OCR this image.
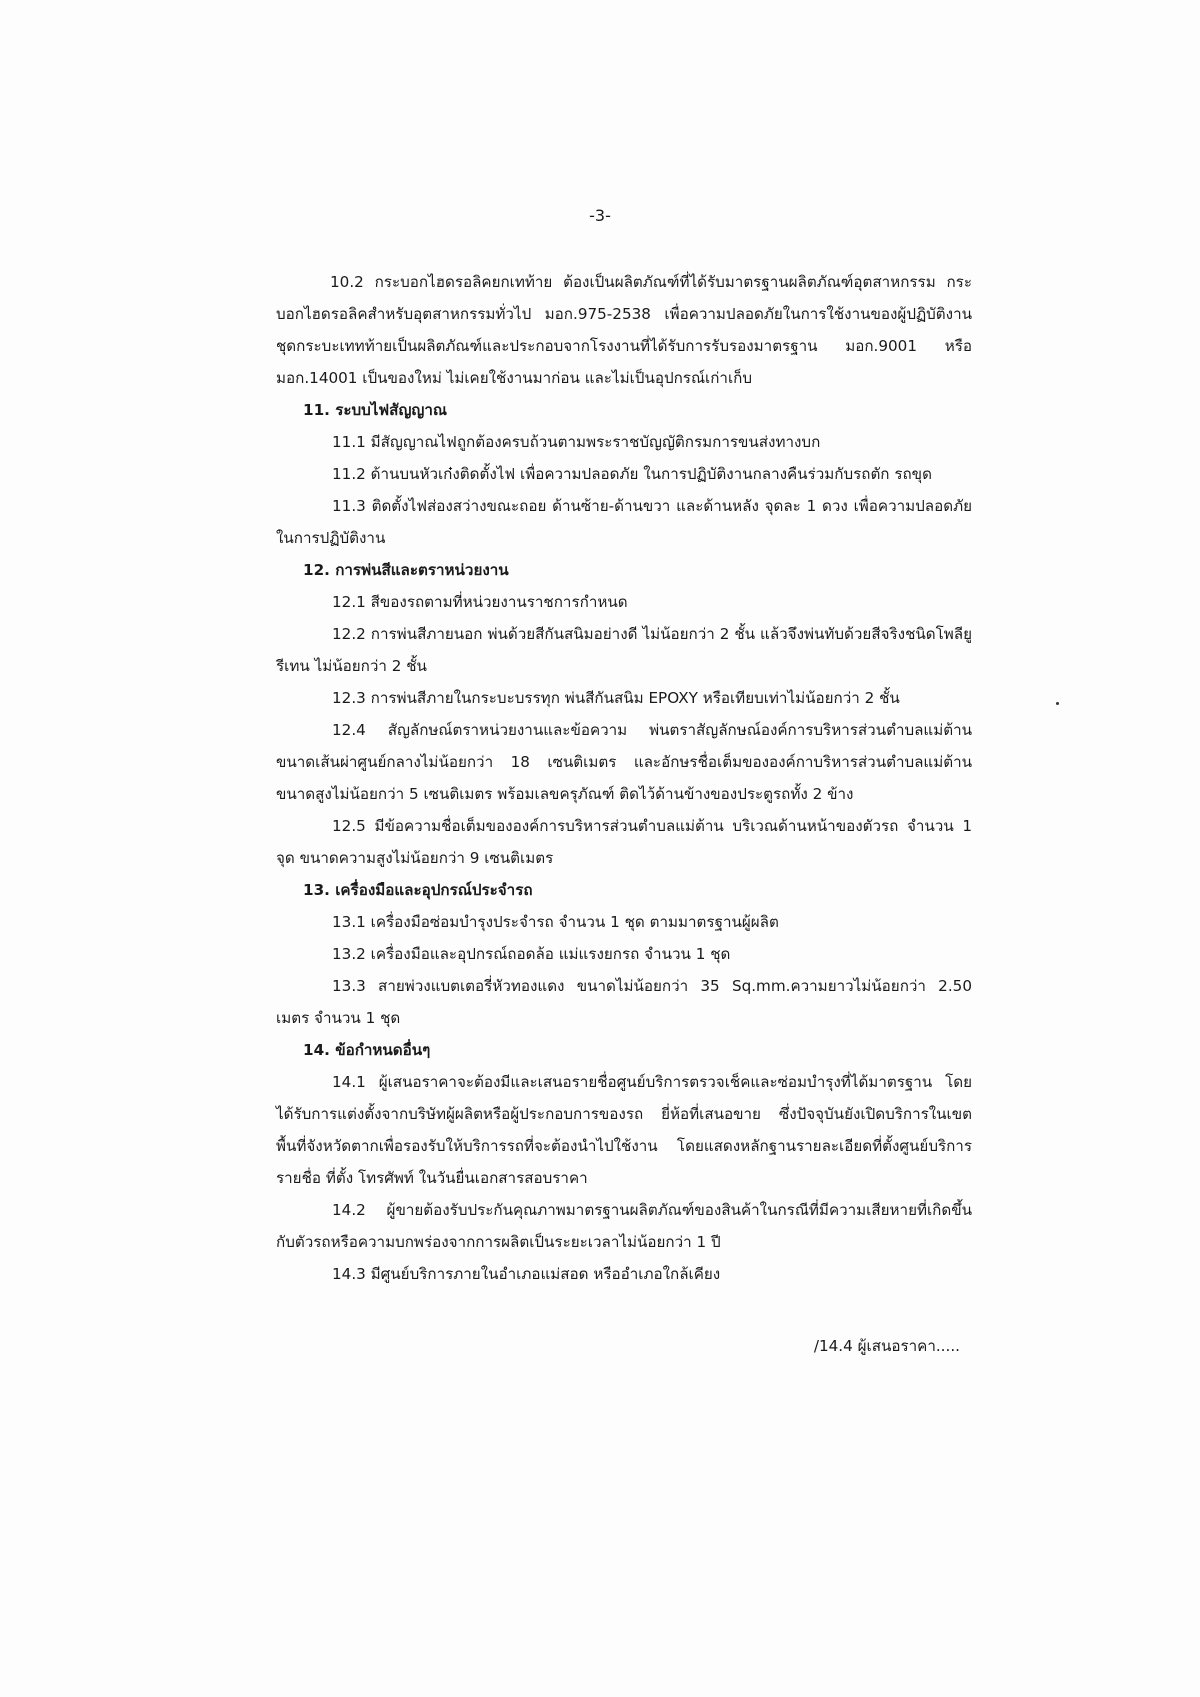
-3-

10.2 กระบอกไฮดรอลิคยกเทท้าย ต้องเป็นผลิตภัณฑ์ที่ได้รับมาตรฐานผลิตภัณฑ์อุตสาหกรรม กระบอกไฮดรอลิคสำหรับอุตสาหกรรมทั่วไป มอก.975-2538 เพื่อความปลอดภัยในการใช้งานของผู้ปฏิบัติงาน ชุดกระบะเททท้ายเป็นผลิตภัณฑ์และประกอบจากโรงงานที่ได้รับการรับรองมาตรฐาน มอก.9001 หรือ มอก.14001 เป็นของใหม่ ไม่เคยใช้งานมาก่อน และไม่เป็นอุปกรณ์เก่าเก็บ

11. ระบบไฟสัญญาณ

11.1 มีสัญญาณไฟถูกต้องครบถ้วนตามพระราชบัญญัติกรมการขนส่งทางบก

11.2 ด้านบนหัวเก๋งติดตั้งไฟ เพื่อความปลอดภัย ในการปฏิบัติงานกลางคืนร่วมกับรถตัก รถขุด

11.3 ติดตั้งไฟส่องสว่างขณะถอย ด้านซ้าย-ด้านขวา และด้านหลัง จุดละ 1 ดวง เพื่อความปลอดภัยในการปฏิบัติงาน

12. การพ่นสีและตราหน่วยงาน

12.1 สีของรถตามที่หน่วยงานราชการกำหนด

12.2 การพ่นสีภายนอก พ่นด้วยสีกันสนิมอย่างดี ไม่น้อยกว่า 2 ชั้น แล้วจึงพ่นทับด้วยสีจริงชนิดโพลียูรีเทน ไม่น้อยกว่า 2 ชั้น

12.3 การพ่นสีภายในกระบะบรรทุก พ่นสีกันสนิม EPOXY หรือเทียบเท่าไม่น้อยกว่า 2 ชั้น

12.4 สัญลักษณ์ตราหน่วยงานและข้อความ พ่นตราสัญลักษณ์องค์การบริหารส่วนตำบลแม่ต้าน ขนาดเส้นผ่าศูนย์กลางไม่น้อยกว่า 18 เซนติเมตร และอักษรชื่อเต็มขององค์กาบริหารส่วนตำบลแม่ต้าน ขนาดสูงไม่น้อยกว่า 5 เซนติเมตร พร้อมเลขครุภัณฑ์ ติดไว้ด้านข้างของประตูรถทั้ง 2 ข้าง

12.5 มีข้อความชื่อเต็มขององค์การบริหารส่วนตำบลแม่ต้าน บริเวณด้านหน้าของตัวรถ จำนวน 1 จุด ขนาดความสูงไม่น้อยกว่า 9 เซนติเมตร

13. เครื่องมือและอุปกรณ์ประจำรถ

13.1 เครื่องมือซ่อมบำรุงประจำรถ จำนวน 1 ชุด ตามมาตรฐานผู้ผลิต

13.2 เครื่องมือและอุปกรณ์ถอดล้อ แม่แรงยกรถ จำนวน 1 ชุด

13.3 สายพ่วงแบตเตอรี่หัวทองแดง ขนาดไม่น้อยกว่า 35 Sq.mm.ความยาวไม่น้อยกว่า 2.50 เมตร จำนวน 1 ชุด

14. ข้อกำหนดอื่นๆ

14.1 ผู้เสนอราคาจะต้องมีและเสนอรายชื่อศูนย์บริการตรวจเช็คและซ่อมบำรุงที่ได้มาตรฐาน โดยได้รับการแต่งตั้งจากบริษัทผู้ผลิตหรือผู้ประกอบการของรถ ยี่ห้อที่เสนอขาย ซึ่งปัจจุบันยังเปิดบริการในเขตพื้นที่จังหวัดตากเพื่อรองรับให้บริการรถที่จะต้องนำไปใช้งาน โดยแสดงหลักฐานรายละเอียดที่ตั้งศูนย์บริการ รายชื่อ ที่ตั้ง โทรศัพท์ ในวันยื่นเอกสารสอบราคา

14.2 ผู้ขายต้องรับประกันคุณภาพมาตรฐานผลิตภัณฑ์ของสินค้าในกรณีที่มีความเสียหายที่เกิดขึ้นกับตัวรถหรือความบกพร่องจากการผลิตเป็นระยะเวลาไม่น้อยกว่า 1 ปี

14.3 มีศูนย์บริการภายในอำเภอแม่สอด หรืออำเภอใกล้เคียง

/14.4 ผู้เสนอราคา.....
